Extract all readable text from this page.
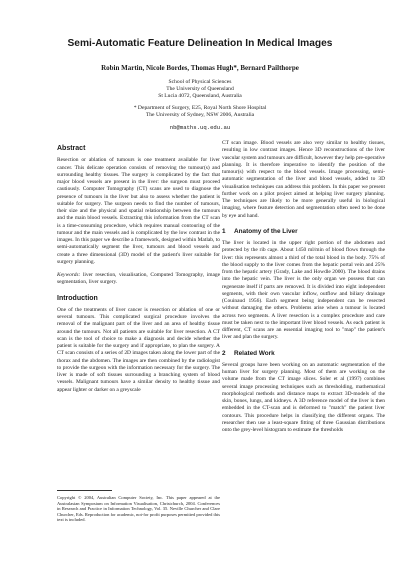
Semi-Automatic Feature Delineation In Medical Images
Robin Martin, Nicole Bordes, Thomas Hugh*, Bernard Pailthorpe
School of Physical Sciences
The University of Queensland
St Lucia 4072, Queensland, Australia
* Department of Surgery, E25, Royal North Shore Hospital
The University of Sydney, NSW 2006, Australia
nb@maths.uq.edu.au
Abstract

Resection or ablation of tumours is one treatment available for liver cancer. This delicate operation consists of removing the tumour(s) and surrounding healthy tissues. The surgery is complicated by the fact that major blood vessels are present in the liver: the surgeon must proceed cautiously. Computer Tomography (CT) scans are used to diagnose the presence of tumours in the liver but also to assess whether the patient is suitable for surgery. The surgeon needs to find the number of tumours, their size and the physical and spatial relationship between the tumours and the main blood vessels. Extracting this information from the CT scan is a time-consuming procedure, which requires manual contouring of the tumour and the main vessels and is complicated by the low contrast in the images. In this paper we describe a framework, designed within Matlab, to semi-automatically segment the liver, tumours and blood vessels and create a three dimensional (3D) model of the patient's liver suitable for surgery planning.

Keywords: liver resection, visualisation, Computed Tomography, image segmentation, liver surgery.

Introduction

One of the treatments of liver cancer is resection or ablation of one or several tumours. This complicated surgical procedure involves the removal of the malignant part of the liver and an area of healthy tissue around the tumours. Not all patients are suitable for liver resection. A CT scan is the tool of choice to make a diagnosis and decide whether the patient is suitable for the surgery and if appropriate, to plan the surgery. A CT scan consists of a series of 2D images taken along the lower part of the thorax and the abdomen. The images are then combined by the radiologist to provide the surgeon with the information necessary for the surgery. The liver is made of soft tissues surrounding a branching system of blood vessels. Malignant tumours have a similar density to healthy tissue and appear lighter or darker on a greyscale

Copyright © 2004, Australian Computer Society, Inc. This paper appeared at the Australasian Symposium on Information Visualisation, Christchurch, 2004. Conferences in Research and Practice in Information Technology, Vol. 35. Neville Churcher and Clare Churcher, Eds. Reproduction for academic, not-for profit purposes permitted provided this text is included.

CT scan image. Blood vessels are also very similar to healthy tissues, resulting in low contrast images. Hence 3D reconstructions of the liver vascular system and tumours are difficult, however they help pre-operative planning. It is therefore imperative to identify the position of the tumour(s) with respect to the blood vessels. Image processing, semi-automatic segmentation of the liver and blood vessels, added to 3D visualisation techniques can address this problem. In this paper we present further work on a pilot project aimed at helping liver surgery planning. The techniques are likely to be more generally useful in biological imaging, where feature detection and segmentation often need to be done by eye and hand.

1	Anatomy of the Liver

The liver is located in the upper right portion of the abdomen and protected by the rib cage. About 1450 ml/min of blood flows through the liver: this represents almost a third of the total blood in the body. 75% of the blood supply to the liver comes from the hepatic portal vein and 25% from the hepatic artery (Grady, Lake and Howdle 2000). The blood drains into the hepatic vein. The liver is the only organ we possess that can regenerate itself if parts are removed. It is divided into eight independent segments, with their own vascular inflow, outflow and biliary drainage (Couinaud 1956). Each segment being independent can be resected without damaging the others. Problems arise when a tumour is located across two segments. A liver resection is a complex procedure and care must be taken next to the important liver blood vessels. As each patient is different, CT scans are an essential imaging tool to "map" the patient's liver and plan the surgery.

2	Related Work

Several groups have been working on an automatic segmentation of the human liver for surgery planning. Most of them are working on the volume made from the CT image slices. Soler et al (1997) combines several image processing techniques such as thresholding, mathematical morphological methods and distance maps to extract 3D-models of the skin, bones, lungs, and kidneys. A 3D reference model of the liver is then embedded in the CT-scan and is deformed to "match" the patient liver contours. This procedure helps in classifying the different organs. The researcher then use a least-square fitting of three Gaussian distributions onto the grey-level histogram to estimate the thresholds
